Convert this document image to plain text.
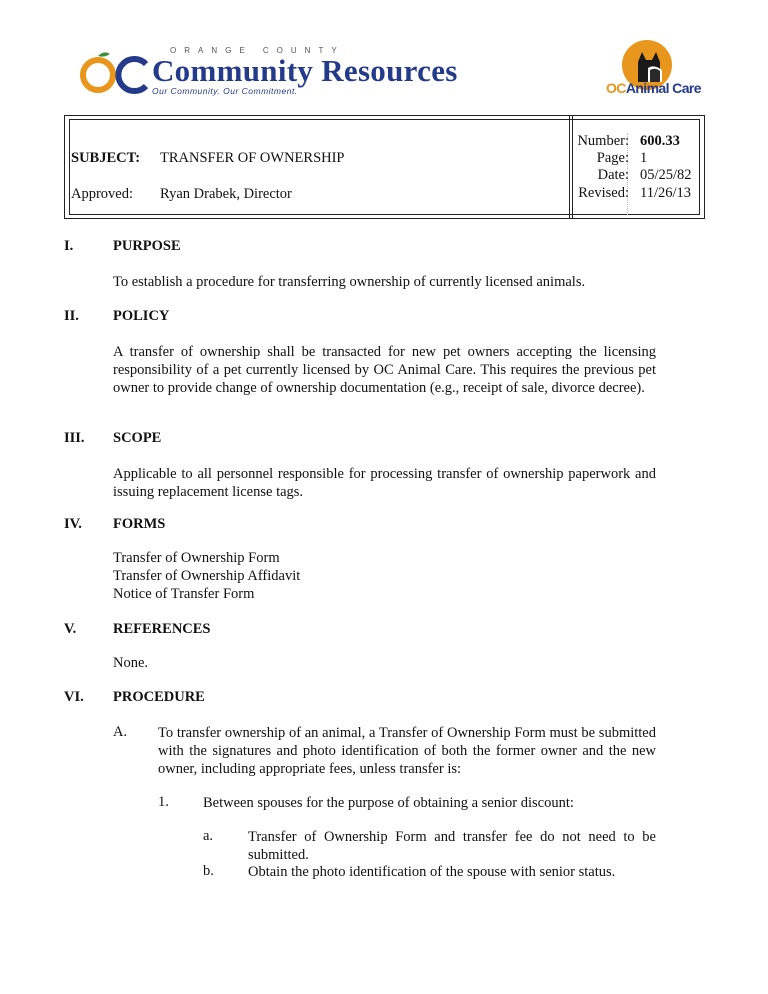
ORANGE COUNTY
Community Resources
Our Community. Our Commitment.	OCAnimal Care
SUBJECT: TRANSFER OF OWNERSHIP
Approved: Ryan Drabek, Director
Number: 600.33
Page: 1
Date: 05/25/82
Revised: 11/26/13
I.	PURPOSE
To establish a procedure for transferring ownership of currently licensed animals.
II. POLICY
A transfer of ownership shall be transacted for new pet owners accepting the licensing responsibility of a pet currently licensed by OC Animal Care. This requires the previous pet owner to provide change of ownership documentation (e.g., receipt of sale, divorce decree).
III. SCOPE
Applicable to all personnel responsible for processing transfer of ownership paperwork and issuing replacement license tags.
IV. FORMS
Transfer of Ownership Form
Transfer of Ownership Affidavit
Notice of Transfer Form
V.	REFERENCES
None.
VI. PROCEDURE
A. To transfer ownership of an animal, a Transfer of Ownership Form must be submitted with the signatures and photo identification of both the former owner and the new owner, including appropriate fees, unless transfer is:
1. Between spouses for the purpose of obtaining a senior discount:
a. Transfer of Ownership Form and transfer fee do not need to be submitted.
b. Obtain the photo identification of the spouse with senior status.
